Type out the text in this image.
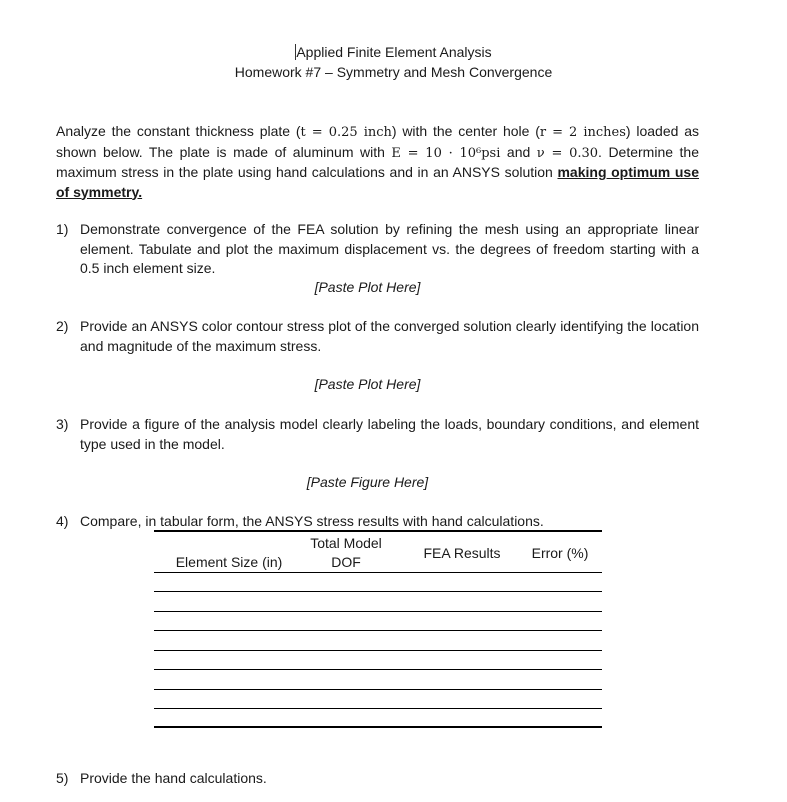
Applied Finite Element Analysis
Homework #7 – Symmetry and Mesh Convergence
Analyze the constant thickness plate (t = 0.25 inch) with the center hole (r = 2 inches) loaded as shown below. The plate is made of aluminum with E = 10 · 10⁶psi and ν = 0.30. Determine the maximum stress in the plate using hand calculations and in an ANSYS solution making optimum use of symmetry.
1) Demonstrate convergence of the FEA solution by refining the mesh using an appropriate linear element. Tabulate and plot the maximum displacement vs. the degrees of freedom starting with a 0.5 inch element size.
[Paste Plot Here]
2) Provide an ANSYS color contour stress plot of the converged solution clearly identifying the location and magnitude of the maximum stress.
[Paste Plot Here]
3) Provide a figure of the analysis model clearly labeling the loads, boundary conditions, and element type used in the model.
[Paste Figure Here]
4) Compare, in tabular form, the ANSYS stress results with hand calculations.
Element Size (in)
Total Model
DOF
FEA Results	Error (%)
5) Provide the hand calculations.
